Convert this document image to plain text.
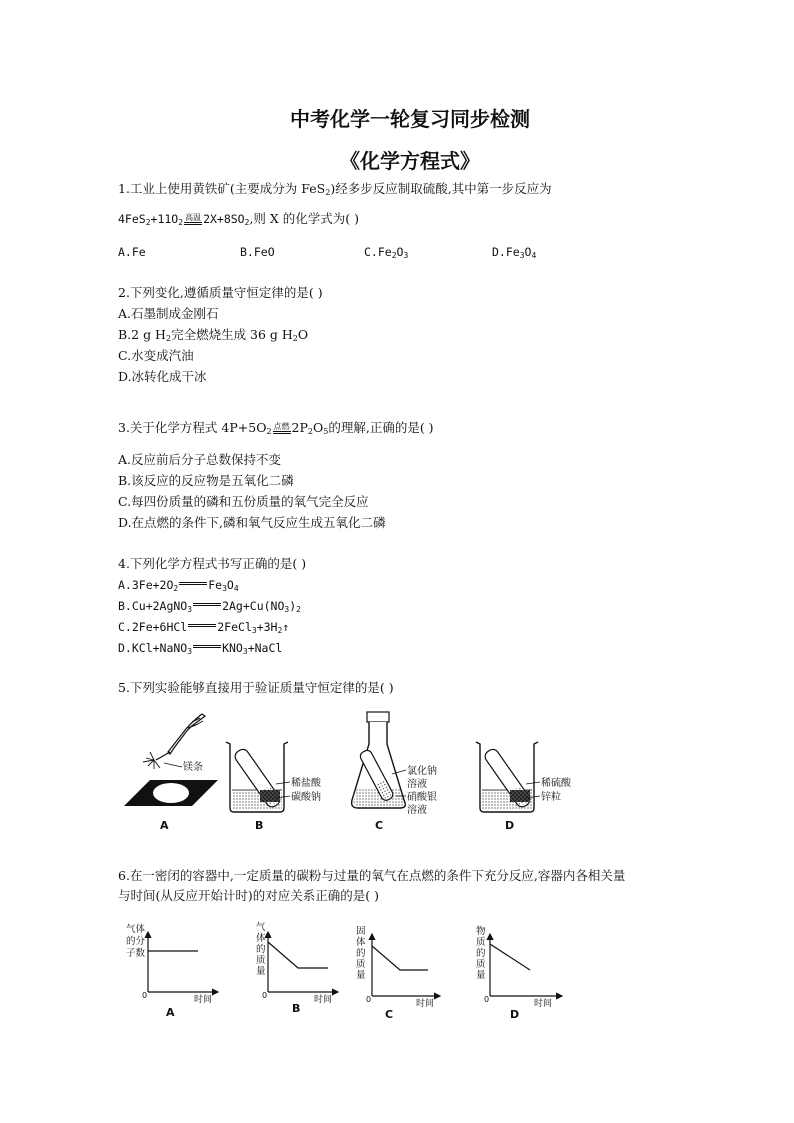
中考化学一轮复习同步检测
《化学方程式》
1.工业上使用黄铁矿(主要成分为 FeS$_2$)经多步反应制取硫酸,其中第一步反应为
$4FeS_2+11O_2$高温 $2X+8SO_2$,则 X 的化学式为( )
A.Fe	B.FeO	$C.Fe_2O_3$	$D.Fe_3O_4$
2.下列变化,遵循质量守恒定律的是( )
A.石墨制成金刚石
B.2 g $H_2$完全燃烧生成 36 g $H_2O$
C.水变成汽油
D.冰转化成干冰
3.关于化学方程式 $4P+5O_2$点燃 $2P_2O_5$的理解,正确的是( )
A.反应前后分子总数保持不变
B.该反应的反应物是五氧化二磷
C.每四份质量的磷和五份质量的氧气完全反应
D.在点燃的条件下,磷和氧气反应生成五氧化二磷
4.下列化学方程式书写正确的是( )
$A.3Fe+2O_2$	$Fe_3O_4$
B.Cu+2AgNO$_3$	$2Ag+Cu(NO_3)_2$
C.2Fe+6HCl	$2FeCl_3+3H_2↑$
D.KCl+NaNO$_3$	$KNO_3+NaCl$
5.下列实验能够直接用于验证质量守恒定律的是( )
镁条
A
稀盐酸
碳酸钠
B
氯化钠
溶液
硝酸银
溶液
C
稀硫酸
锌粒
D
6.在一密闭的容器中,一定质量的碳粉与过量的氧气在点燃的条件下充分反应,容器内各相关量
与时间(从反应开始计时)的对应关系正确的是( )
气体
的分
子数
0	时间
A
气
体
的
质
量
0	时间
B
固
体
的
质
量
0	时间
C
物
质
的
质
量
0	时间
D
